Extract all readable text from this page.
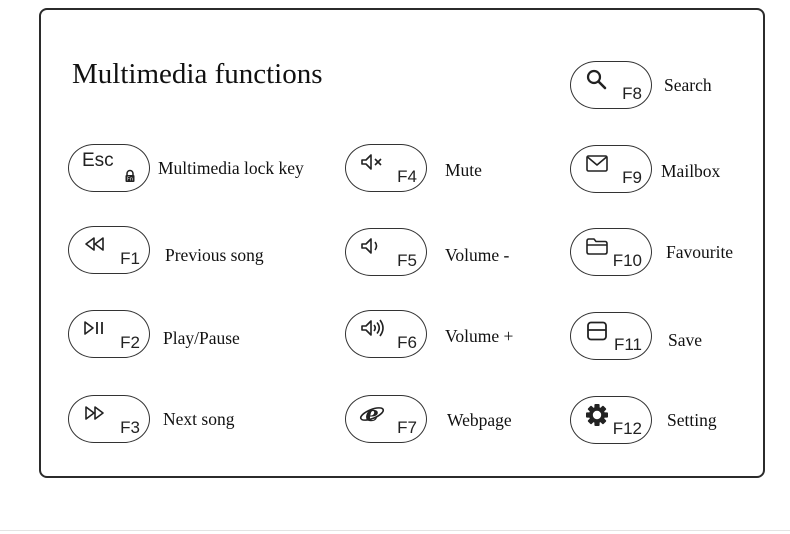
Multimedia functions
Esc
Fn
Multimedia lock key
F1 Previous song
F2 Play/Pause
F3 Next song
F4 Mute
F5 Volume -
F6 Volume +
e
F7 Webpage
F8 Search
F9 Mailbox
F10 Favourite
F11 Save
F12 Setting
